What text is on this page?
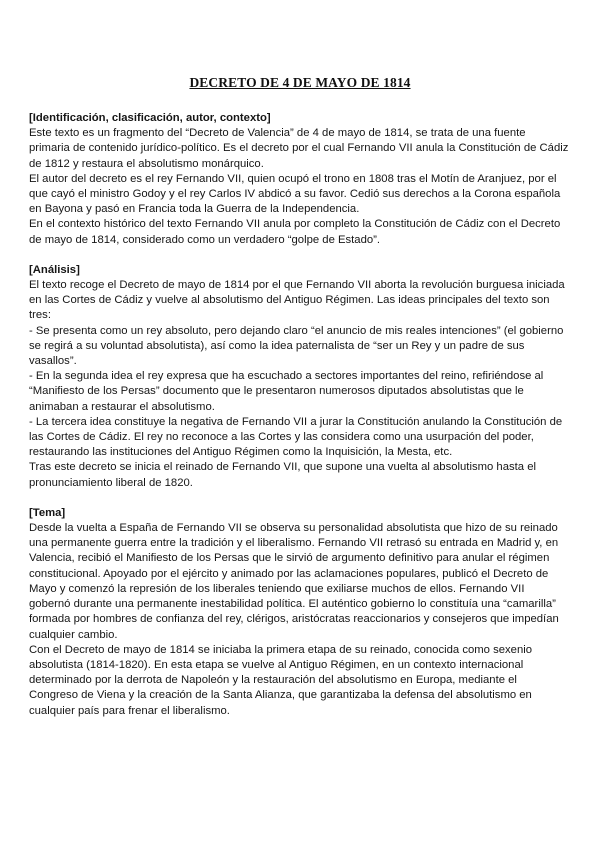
DECRETO DE 4 DE MAYO DE 1814

[Identificación, clasificación, autor, contexto]

Este texto es un fragmento del “Decreto de Valencia” de 4 de mayo de 1814, se trata de una fuente primaria de contenido jurídico-político. Es el decreto por el cual Fernando VII anula la Constitución de Cádiz de 1812 y restaura el absolutismo monárquico.

El autor del decreto es el rey Fernando VII, quien ocupó el trono en 1808 tras el Motín de Aranjuez, por el que cayó el ministro Godoy y el rey Carlos IV abdicó a su favor. Cedió sus derechos a la Corona española en Bayona y pasó en Francia toda la Guerra de la Independencia.

En el contexto histórico del texto Fernando VII anula por completo la Constitución de Cádiz con el Decreto de mayo de 1814, considerado como un verdadero “golpe de Estado”.

[Análisis]

El texto recoge el Decreto de mayo de 1814 por el que Fernando VII aborta la revolución burguesa iniciada en las Cortes de Cádiz y vuelve al absolutismo del Antiguo Régimen. Las ideas principales del texto son tres:

- Se presenta como un rey absoluto, pero dejando claro “el anuncio de mis reales intenciones” (el gobierno se regirá a su voluntad absolutista), así como la idea paternalista de “ser un Rey y un padre de sus vasallos”.

- En la segunda idea el rey expresa que ha escuchado a sectores importantes del reino, refiriéndose al “Manifiesto de los Persas” documento que le presentaron numerosos diputados absolutistas que le animaban a restaurar el absolutismo.

- La tercera idea constituye la negativa de Fernando VII a jurar la Constitución anulando la Constitución de las Cortes de Cádiz. El rey no reconoce a las Cortes y las considera como una usurpación del poder, restaurando las instituciones del Antiguo Régimen como la Inquisición, la Mesta, etc.

Tras este decreto se inicia el reinado de Fernando VII, que supone una vuelta al absolutismo hasta el pronunciamiento liberal de 1820.

[Tema]

Desde la vuelta a España de Fernando VII se observa su personalidad absolutista que hizo de su reinado una permanente guerra entre la tradición y el liberalismo. Fernando VII retrasó su entrada en Madrid y, en Valencia, recibió el Manifiesto de los Persas que le sirvió de argumento definitivo para anular el régimen constitucional. Apoyado por el ejército y animado por las aclamaciones populares, publicó el Decreto de Mayo y comenzó la represión de los liberales teniendo que exiliarse muchos de ellos. Fernando VII gobernó durante una permanente inestabilidad política. El auténtico gobierno lo constituía una “camarilla” formada por hombres de confianza del rey, clérigos, aristócratas reaccionarios y consejeros que impedían cualquier cambio.

Con el Decreto de mayo de 1814 se iniciaba la primera etapa de su reinado, conocida como sexenio absolutista (1814-1820). En esta etapa se vuelve al Antiguo Régimen, en un contexto internacional determinado por la derrota de Napoleón y la restauración del absolutismo en Europa, mediante el Congreso de Viena y la creación de la Santa Alianza, que garantizaba la defensa del absolutismo en cualquier país para frenar el liberalismo.
